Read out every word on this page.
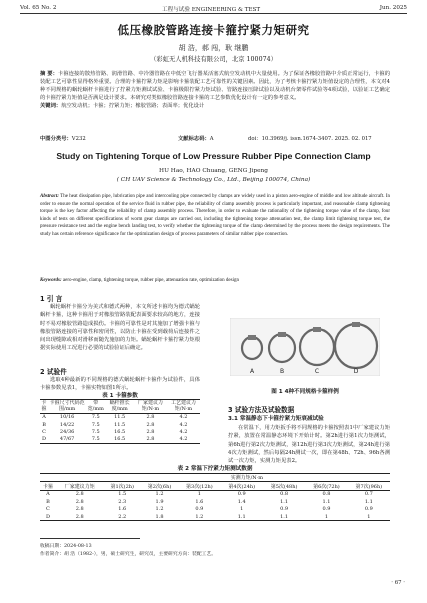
Vol. 65 No. 2	工程与试验 ENGINEERING & TEST	Jun. 2025
低压橡胶管路连接卡箍拧紧力矩研究
胡 浩，郝 闯，耿 继鹏
（彩虹无人机科技有限公司，北京 100074）
摘 要：卡箍连接的散热管路、润滑管路、中冷器管路在中低空飞行器某活塞式航空发动机中大量使用。为了保证各橡胶管路中介质正常运行，卡箍的装配工艺可靠性显得格外重要。合理的卡箍拧紧力矩是影响卡箍装配工艺可靠性的关键因素。因此，为了考核卡箍拧紧力矩值设定的合理性，本文对4种不同规格的蜗轮蜗杆卡箍进行了拧紧力矩测试试验、卡箍极限拧紧力矩试验、管路连接压降试验以及动机台架零件试验等4项试验，以验证工艺确定的卡箍拧紧力矩值是否满足设计要求。本研究对类似橡胶管路连接卡箍的工艺参数优化设计有一定的参考意义。
关键词：航空发动机；卡箍；拧紧力矩；橡胶管路；表面率；优化设计
中图分类号：V232	文献标志码：A	doi：10.3969/j. issn.1674-3407. 2025. 02. 017
Study on Tightening Torque of Low Pressure Rubber Pipe Connection Clamp
HU Hao, HAO Chuang, GENG Jipeng
( CH UAV Science & Technology Co., Ltd., Beijing 100074, China)
Abstract: The heat dissipation pipe, lubrication pipe and intercooling pipe connected by clamps are widely used in a piston aero-engine of middle and low altitude aircraft. In order to ensure the normal operation of the service fluid in rubber pipe, the reliability of clamp assembly process is particularly important, and reasonable clamp tightening torque is the key factor affecting the reliability of clamp assembly process. Therefore, in order to evaluate the rationality of the tightening torque value of the clamp, four kinds of tests on different specifications of worm gear clamps are carried out, including the tightening torque attenuation test, the clamp limit tightening torque test, the pressure resistance test and the engine bench landing test, to verify whether the tightening torque of the clamp determined by the process meets the design requirements. The study has certain reference significance for the optimization design of process parameters of similar rubber pipe connection.
Keywords: aero-engine, clamp, tightening torque, rubber pipe, attenuation rate, optimization design
1 引 言
蜗轮蜗杆卡箍分为美式和德式两种，本文所述卡箍均为德式蜗轮蜗杆卡箍，这种卡箍用于对橡胶管路装配表面要求较高的地方，连接时不易对橡胶管路造成损伤。卡箍的可靠性是对其施加了增强卡箍与橡胶管路连接的可靠性和密闭性，以防止卡箍在受到载荷后连接件之间出现缝隙或相对滑移而随先施加的力矩。蜗轮蜗杆卡箍拧紧力矩根据实际使用工况进行必要的试验验证后确定。
2 试验件
选取4种最新的不同规格的德式蜗轮蜗杆卡箍作为试验件，具体卡箍参数见表1，卡箍实物如图1所示。
表 1 卡箍参数
卡箍	卡箍尺寸代码范围/mm	带宽/mm	蜗杆推长度/mm	厂家建议力矩/N·m	工艺建议力矩/N·m
A	10/16	7.5	11.5	2.8	4.2
B	14/22	7.5	11.5	2.8	4.2
C	24/36	7.5	16.5	2.8	4.2
D	47/67	7.5	16.5	2.8	4.2
A	B	C	D
图 1 4种不同规格卡箍样例
3 试验方法及试验数据
3.1 常温静态下卡箍拧紧力矩衰减试验
在常温下，用力矩扳手将不同规格的卡箍按照表1中厂家建议力矩拧紧，放置在常温静态环境下开始计时。第2h进行第1次力矩测试，第6h进行第2次力矩测试，第12h进行第3次力矩测试，第24h进行第4次力矩测试，然后每隔24h测试一次，即在第48h、72h、96h各测试一次力矩，实测力矩见表2。
表 2 常温下拧紧力矩测试数据
		实测力矩/N·m						
卡箍	厂家建议力矩	第1次(2h)	第2次(6h)	第3次(12h)	第4次(24h)	第5次(48h)	第6次(72h)	第7次(96h)
A	2.8	1.5	1.2	1	0.9	0.8	0.8	0.7
B	2.8	2.3	1.9	1.6	1.4	1.1	1.1	1.1
C	2.8	1.6	1.2	0.9	1	0.9	0.9	0.9
D	2.8	2.2	1.8	1.2	1.1	1.1	1	1
收稿日期：2024-08-13
作者简介：胡 浩（1982-），男，硕士研究生，研究员，主要研究方向：装配工艺。
· 67 ·
